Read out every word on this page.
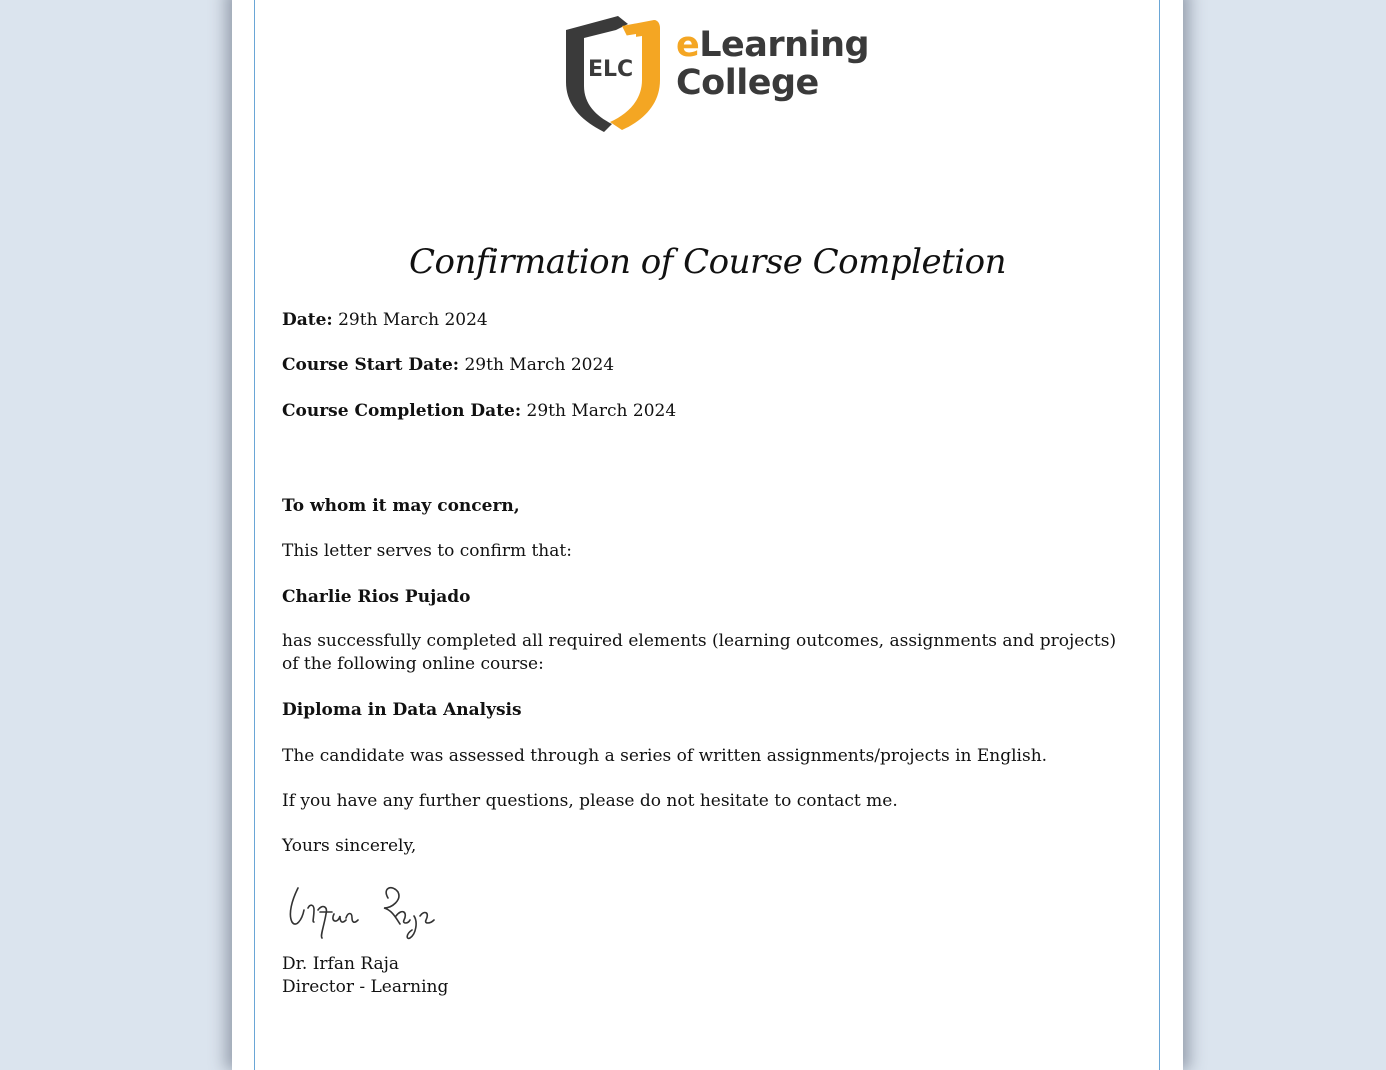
ELC
eLearning
College
Confirmation of Course Completion
Date: 29th March 2024
Course Start Date: 29th March 2024
Course Completion Date: 29th March 2024
To whom it may concern,
This letter serves to confirm that:
Charlie Rios Pujado
has successfully completed all required elements (learning outcomes, assignments and projects) of the following online course:
Diploma in Data Analysis
The candidate was assessed through a series of written assignments/projects in English.
If you have any further questions, please do not hesitate to contact me.
Yours sincerely,
Dr. Irfan Raja
Director - Learning
